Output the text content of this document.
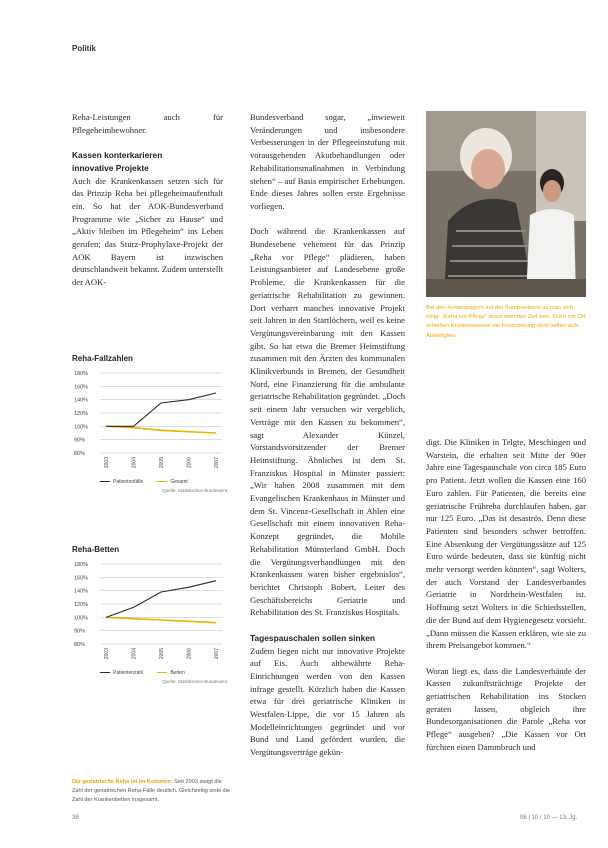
Politik

Reha-Leistungen auch für Pflegeheimbewohner.

Kassen konterkarieren
innovative Projekte

Auch die Krankenkassen setzen sich für das Prinzip Reha bei pflegeheimaufenthalt ein. So hat der AOK-Bundesverband Programme wie „Sicher zu Hause“ und „Aktiv bleiben im Pflegeheim“ ins Leben gerufen; das Sturz-Prophylaxe-Projekt der AOK Bayern ist inzwischen deutschlandweit bekannt. Zudem unterstellt der AOK-

Reha-Fallzahlen
80%
90%
100%
120%
140%
160%
180%
2003	2004	2005	2006	2007
Patientenfälle	Gesamt
Quelle: Statistisches Bundesamt
Reha-Betten
80%
90%
100%
120%
140%
160%
180%
2003	2004	2005	2006	2007
Patientenzahl	Betten
Quelle: Statistisches Bundesamt
Die geriatrische Reha ist im Kommen: Seit 2003 steigt die Zahl der geriatrischen Reha-Fälle deutlich. Gleichzeitig sinkt die Zahl der Krankenbetten insgesamt.

Bundesverband sogar, „inwieweit Veränderungen und insbesondere Verbesserungen in der Pflegeeinstufung mit vorausgehenden Akutbehandlungen oder Rehabilitationsmaßnahmen in Verbindung stehen“ – auf Basis empirischer Erhebungen. Ende dieses Jahres sollen erste Ergebnisse vorliegen.

Doch während die Krankenkassen auf Bundesebene vehement für das Prinzip „Reha vor Pflege“ plädieren, haben Leistungsanbieter auf Landesebene große Probleme, die Krankenkassen für die geriatrische Rehabilitation zu gewinnen. Dort verharrt manches innovative Projekt seit Jahren in den Startlöchern, weil es keine Vergütungsvereinbarung mit den Kassen gibt. So hat etwa die Bremer Heimstiftung zusammen mit den Ärzten des kommunalen Klinikverbunds in Bremen, der Gesundheit Nord, eine Finanzierung für die ambulante geriatrische Rehabilitation gegründet. „Doch seit einem Jahr versuchen wir vergeblich, Verträge mit den Kassen zu bekommen“, sagt Alexander Künzel, Vorstandsvorsitzender der Bremer Heimstiftung. Ähnliches ist dem St. Franziskus Hospital in Münster passiert: „Wir haben 2008 zusammen mit dem Evangelischen Krankenhaus in Münster und dem St. Vincenz-Gesellschaft in Ahlen eine Gesellschaft mit einem innovativen Reha-Konzept gegründet, die Mobile Rehabilitation Münsterland GmbH. Doch die Vergütungsverhandlungen mit den Krankenkassen waren bisher ergebnislos“, berichtet Christoph Bobert, Leiter des Geschäftsbereichs Geriatrie und Rehabilitation des St. Franziskus Hospitals.

Tagespauschalen sollen sinken

Zudem liegen nicht nur innovative Projekte auf Eis. Auch altbewährte Reha-Einrichtungen werden von den Kassen infrage gestellt. Kürzlich haben die Kassen etwa für drei geriatrische Kliniken in Westfalen-Lippe, die vor 15 Jahren als Modelleinrichtungen gegründet und vor Bund und Land gefördert wurden, die Vergütungsverträge gekün-

Bei den Kostenträgern auf der Bundesebene ist man sich einig: „Reha vor Pflege“ muss oberstes Ziel sein. Doch vor Ort schieben Krankenkassen die Finanzierung nicht selten aufs Abstellgleis.

digt. Die Kliniken in Telgte, Meschingen und Warstein, die erhalten seit Mitte der 90er Jahre eine Tagespauschale von circa 185 Euro pro Patient. Jetzt wollen die Kassen eine 160 Euro zahlen. Für Patienten, die bereits eine geriatrische Frühreha durchlaufen haben, gar nur 125 Euro. „Das ist desaströs. Denn diese Patienten sind besonders schwer betroffen. Eine Absenkung der Vergütungssätze auf 125 Euro würde bedeuten, dass sie künftig nicht mehr versorgt werden könnten“, sagt Wolters, der auch Vorstand der Landesverbandes Geriatrie in Nordrhein-Westfalen ist. Hoffnung setzt Wolters in die Schiedsstellen, die der Bund auf dem Hygienegesetz vorsieht. „Dann müssen die Kassen erklären, wie sie zu ihrem Preisangebot kommen.“

Woran liegt es, dass die Landesverbände der Kassen zukunftsträchtige Projekte der geriatrischen Rehabilitation ins Stocken geraten lassen, obgleich ihre Bundesorganisationen die Parole „Reha vor Pflege“ ausgeben? „Die Kassen vor Ort fürchten einen Dammbruch und

38	06 | 10 / 10 — 13. Jg.
